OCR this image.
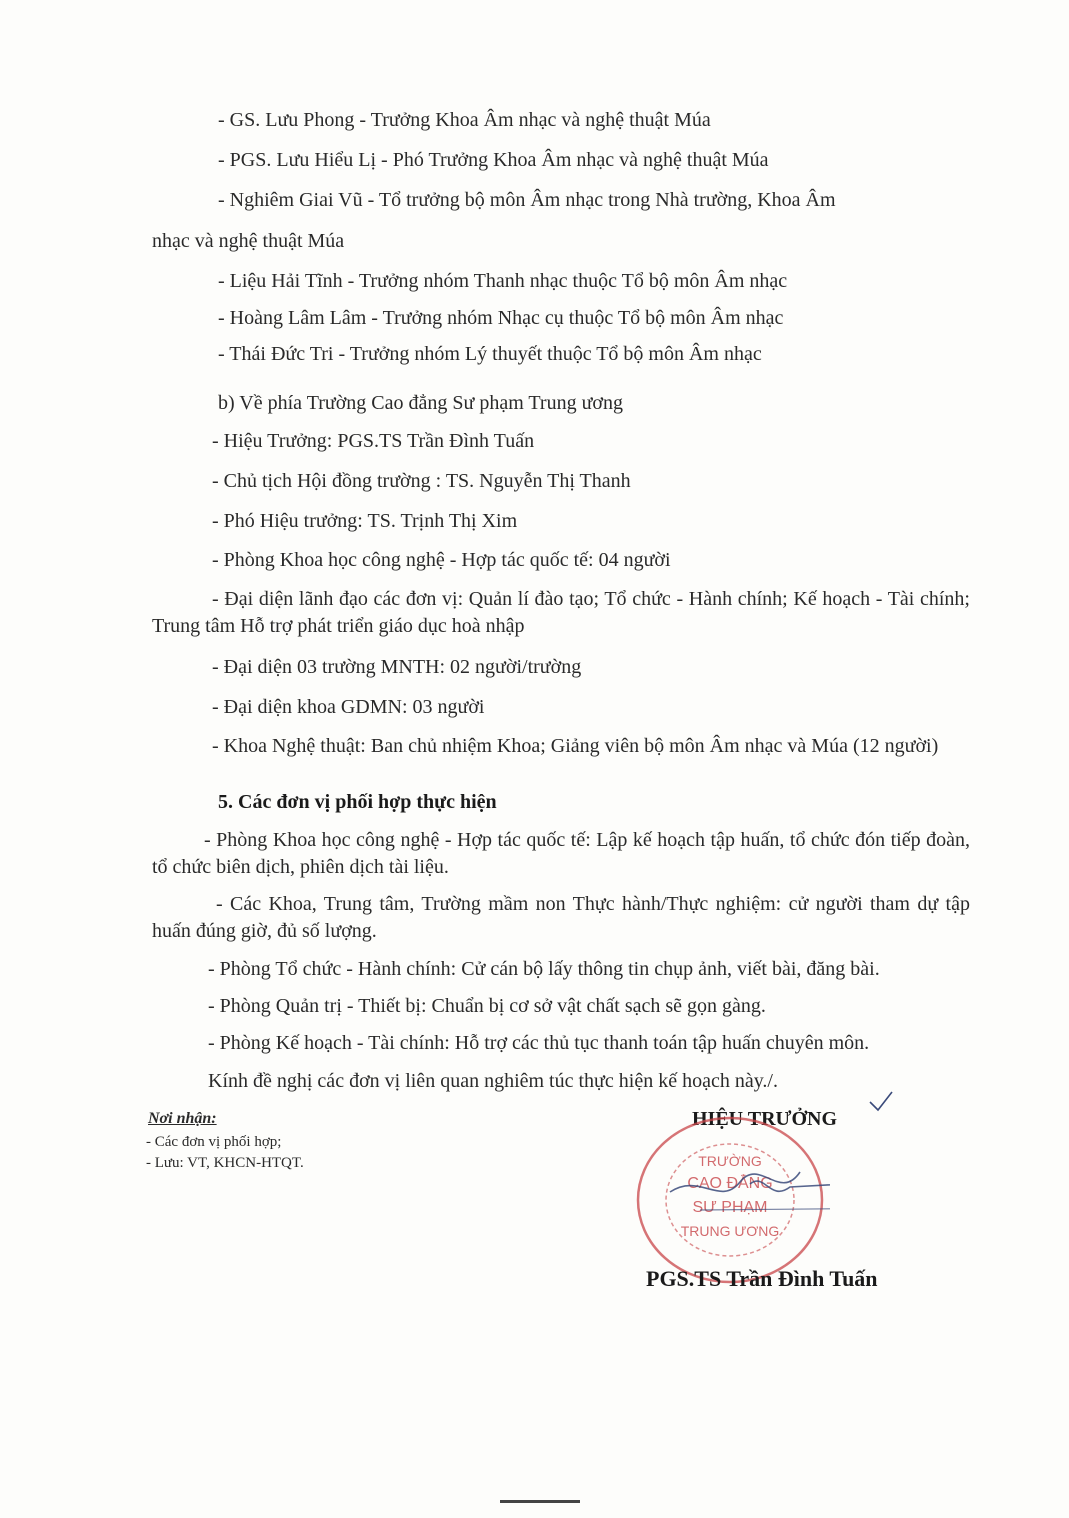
- GS. Lưu Phong - Trưởng Khoa Âm nhạc và nghệ thuật Múa
- PGS. Lưu Hiểu Lị - Phó Trưởng Khoa Âm nhạc và nghệ thuật Múa
- Nghiêm Giai Vũ - Tổ trưởng bộ môn Âm nhạc trong Nhà trường, Khoa Âm
nhạc và nghệ thuật Múa
- Liệu Hải Tĩnh - Trưởng nhóm Thanh nhạc thuộc Tổ bộ môn Âm nhạc
- Hoàng Lâm Lâm - Trưởng nhóm Nhạc cụ thuộc Tổ bộ môn Âm nhạc
- Thái Đức Tri - Trưởng nhóm Lý thuyết thuộc Tổ bộ môn Âm nhạc
b) Về phía Trường Cao đẳng Sư phạm Trung ương
- Hiệu Trưởng: PGS.TS Trần Đình Tuấn
- Chủ tịch Hội đồng trường : TS. Nguyễn Thị Thanh
- Phó Hiệu trưởng: TS. Trịnh Thị Xim
- Phòng Khoa học công nghệ - Hợp tác quốc tế: 04 người
- Đại diện lãnh đạo các đơn vị: Quản lí đào tạo; Tổ chức - Hành chính; Kế hoạch - Tài chính; Trung tâm Hỗ trợ phát triển giáo dục hoà nhập
- Đại diện 03 trường MNTH: 02 người/trường
- Đại diện khoa GDMN: 03 người
- Khoa Nghệ thuật: Ban chủ nhiệm Khoa; Giảng viên bộ môn Âm nhạc và Múa (12 người)
5. Các đơn vị phối hợp thực hiện
- Phòng Khoa học công nghệ - Hợp tác quốc tế: Lập kế hoạch tập huấn, tổ chức đón tiếp đoàn, tổ chức biên dịch, phiên dịch tài liệu.
- Các Khoa, Trung tâm, Trường mầm non Thực hành/Thực nghiệm: cử người tham dự tập huấn đúng giờ, đủ số lượng.
- Phòng Tổ chức - Hành chính: Cử cán bộ lấy thông tin chụp ảnh, viết bài, đăng bài.
- Phòng Quản trị - Thiết bị: Chuẩn bị cơ sở vật chất sạch sẽ gọn gàng.
- Phòng Kế hoạch - Tài chính: Hỗ trợ các thủ tục thanh toán tập huấn chuyên môn.
Kính đề nghị các đơn vị liên quan nghiêm túc thực hiện kế hoạch này./.
Nơi nhận:
- Các đơn vị phối hợp;
- Lưu: VT, KHCN-HTQT.
HIỆU TRƯỞNG
TRƯỜNG
CAO ĐẲNG
SƯ PHẠM
TRUNG ƯƠNG
PGS.TS Trần Đình Tuấn
